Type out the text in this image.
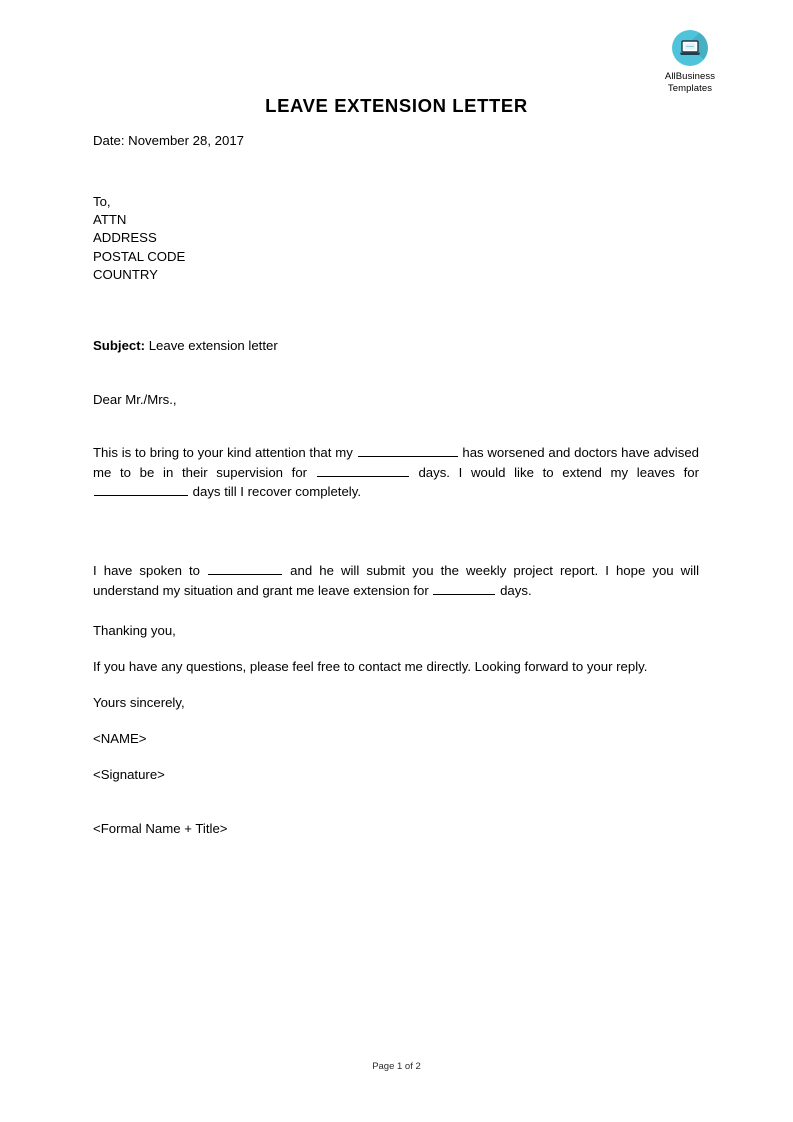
AllBusiness
Templates
LEAVE EXTENSION LETTER
Date: November 28, 2017
To,
ATTN
ADDRESS
POSTAL CODE
COUNTRY
Subject: Leave extension letter
Dear Mr./Mrs.,

This is to bring to your kind attention that my	has worsened and doctors have advised me to be in their supervision for	days. I would like to extend my leaves for  days till I recover completely.

I have spoken to	and he will submit you the weekly project report. I hope you will understand my situation and grant me leave extension for	days.

Thanking you,

If you have any questions, please feel free to contact me directly. Looking forward to your reply.

Yours sincerely,

<NAME>

<Signature>

<Formal Name + Title>

Page 1 of 2
